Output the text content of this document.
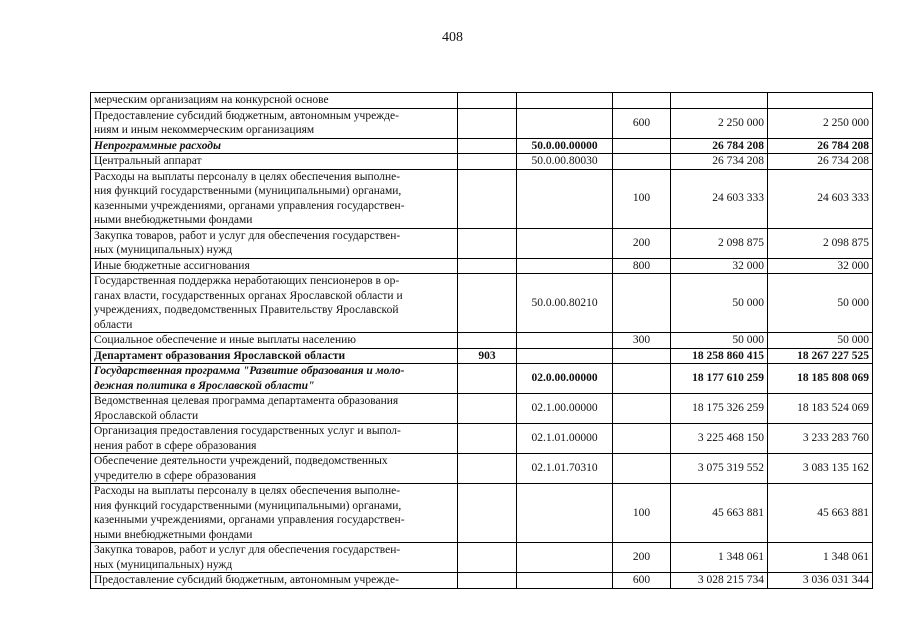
408
мерческим организациям на конкурсной основе					
Предоставление субсидий бюджетным, автономным учрежде-
ниям и иным некоммерческим организациям			600	2 250 000	2 250 000
Непрограммные расходы		50.0.00.00000		26 784 208	26 784 208
Центральный аппарат		50.0.00.80030		26 734 208	26 734 208
Расходы на выплаты персоналу в целях обеспечения выполне-
ния функций государственными (муниципальными) органами,
казенными учреждениями, органами управления государствен-
ными внебюджетными фондами			100	24 603 333	24 603 333
Закупка товаров, работ и услуг для обеспечения государствен-
ных (муниципальных) нужд			200	2 098 875	2 098 875
Иные бюджетные ассигнования			800	32 000	32 000
Государственная поддержка неработающих пенсионеров в ор-
ганах власти, государственных органах Ярославской области и
учреждениях, подведомственных Правительству Ярославской
области		50.0.00.80210		50 000	50 000
Социальное обеспечение и иные выплаты населению			300	50 000	50 000
Департамент образования Ярославской области	903			18 258 860 415	18 267 227 525
Государственная программа "Развитие образования и моло-
дежная политика в Ярославской области"		02.0.00.00000		18 177 610 259	18 185 808 069
Ведомственная целевая программа департамента образования
Ярославской области		02.1.00.00000		18 175 326 259	18 183 524 069
Организация предоставления государственных услуг и выпол-
нения работ в сфере образования		02.1.01.00000		3 225 468 150	3 233 283 760
Обеспечение деятельности учреждений, подведомственных
учредителю в сфере образования		02.1.01.70310		3 075 319 552	3 083 135 162
Расходы на выплаты персоналу в целях обеспечения выполне-
ния функций государственными (муниципальными) органами,
казенными учреждениями, органами управления государствен-
ными внебюджетными фондами			100	45 663 881	45 663 881
Закупка товаров, работ и услуг для обеспечения государствен-
ных (муниципальных) нужд			200	1 348 061	1 348 061
Предоставление субсидий бюджетным, автономным учрежде-			600	3 028 215 734	3 036 031 344
